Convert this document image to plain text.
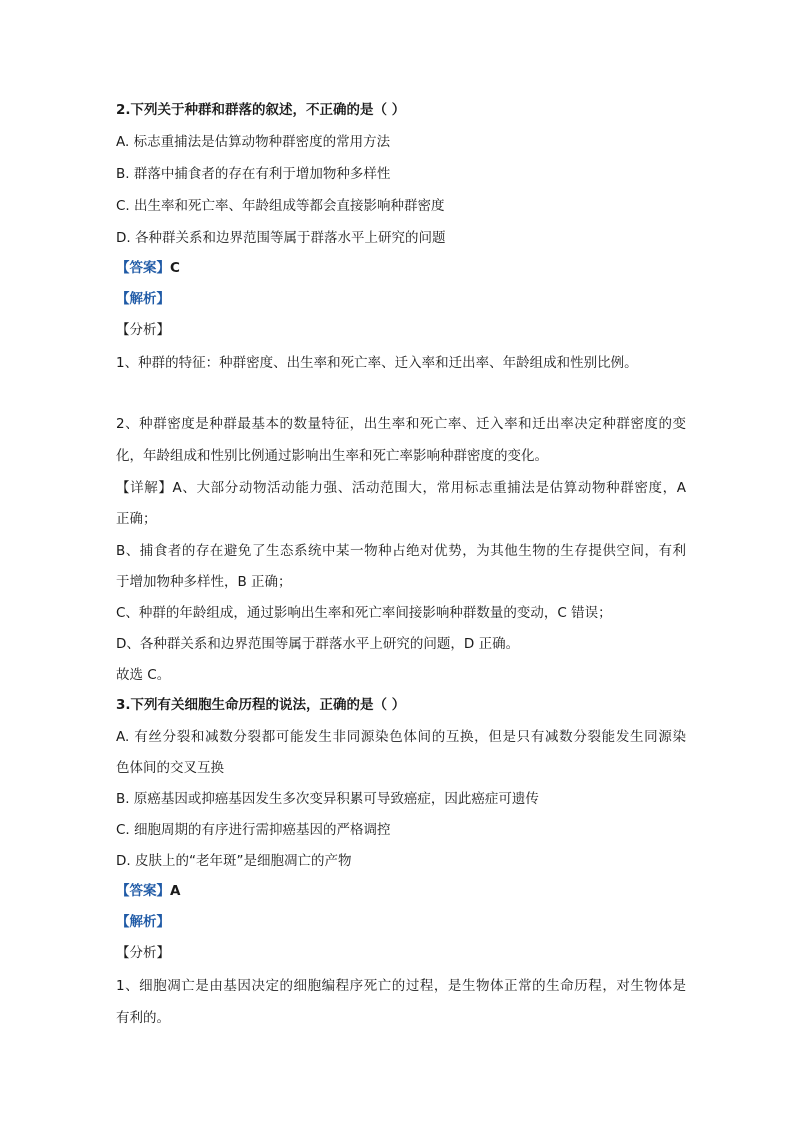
2.下列关于种群和群落的叙述，不正确的是（ ）
A. 标志重捕法是估算动物种群密度的常用方法
B. 群落中捕食者的存在有利于增加物种多样性
C. 出生率和死亡率、年龄组成等都会直接影响种群密度
D. 各种群关系和边界范围等属于群落水平上研究的问题
【答案】C
【解析】
【分析】
1、种群的特征：种群密度、出生率和死亡率、迁入率和迁出率、年龄组成和性别比例。
2、种群密度是种群最基本的数量特征，出生率和死亡率、迁入率和迁出率决定种群密度的变
化，年龄组成和性别比例通过影响出生率和死亡率影响种群密度的变化。
【详解】A、大部分动物活动能力强、活动范围大，常用标志重捕法是估算动物种群密度，A
正确；
B、捕食者的存在避免了生态系统中某一物种占绝对优势，为其他生物的生存提供空间，有利
于增加物种多样性，B 正确；
C、种群的年龄组成，通过影响出生率和死亡率间接影响种群数量的变动，C 错误；
D、各种群关系和边界范围等属于群落水平上研究的问题，D 正确。
故选 C。
3.下列有关细胞生命历程的说法，正确的是（ ）
A. 有丝分裂和减数分裂都可能发生非同源染色体间的互换，但是只有减数分裂能发生同源染
色体间的交叉互换
B. 原癌基因或抑癌基因发生多次变异积累可导致癌症，因此癌症可遗传
C. 细胞周期的有序进行需抑癌基因的严格调控
D. 皮肤上的“老年斑”是细胞凋亡的产物
【答案】A
【解析】
【分析】
1、细胞凋亡是由基因决定的细胞编程序死亡的过程，是生物体正常的生命历程，对生物体是
有利的。
